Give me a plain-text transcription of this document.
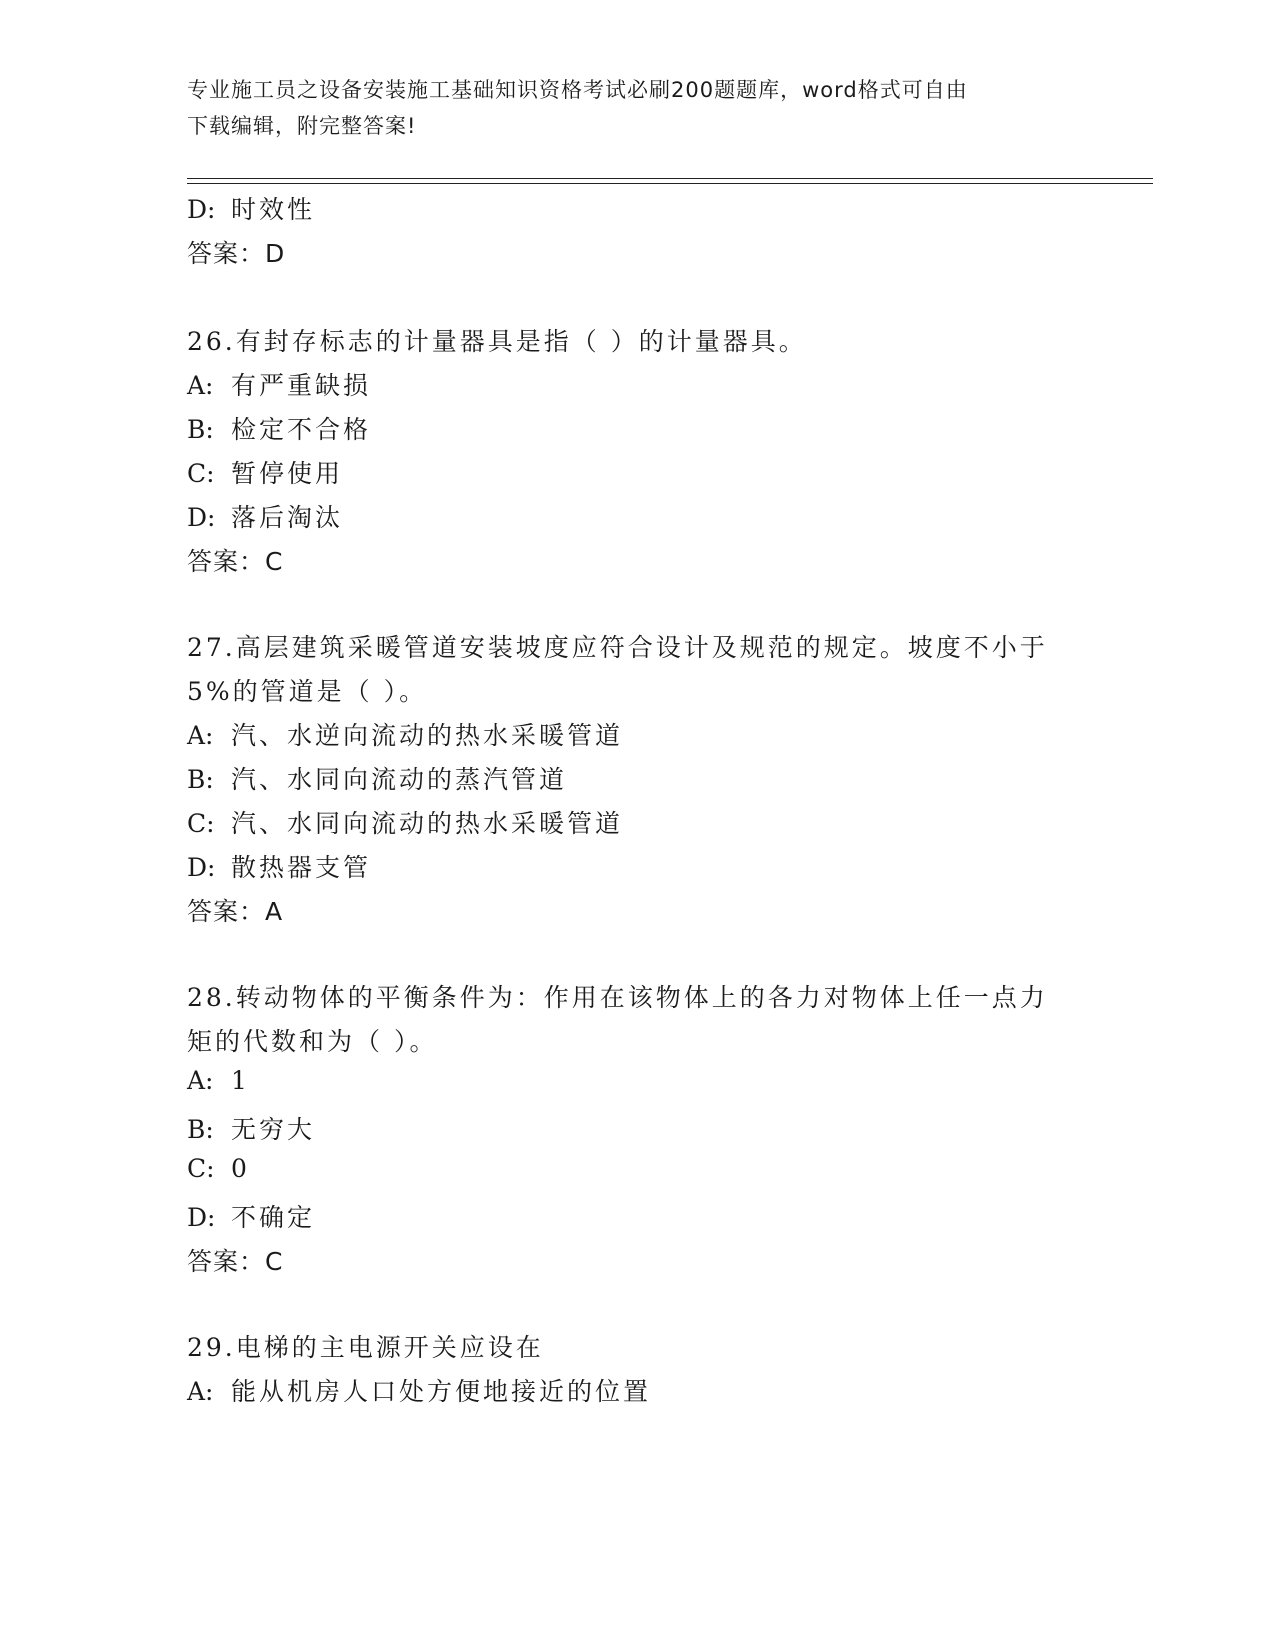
专业施工员之设备安装施工基础知识资格考试必刷200题题库，word格式可自由
下载编辑，附完整答案!
D: 时效性
答案：D
26.有封存标志的计量器具是指（ ）的计量器具。
A: 有严重缺损
B: 检定不合格
C: 暂停使用
D: 落后淘汰
答案：C
27.高层建筑采暖管道安装坡度应符合设计及规范的规定。坡度不小于
5%的管道是（ ）。
A: 汽、水逆向流动的热水采暖管道
B: 汽、水同向流动的蒸汽管道
C: 汽、水同向流动的热水采暖管道
D: 散热器支管
答案：A
28.转动物体的平衡条件为：作用在该物体上的各力对物体上任一点力
矩的代数和为（ ）。
A: 1
B: 无穷大
C: 0
D: 不确定
答案：C
29.电梯的主电源开关应设在
A: 能从机房人口处方便地接近的位置
